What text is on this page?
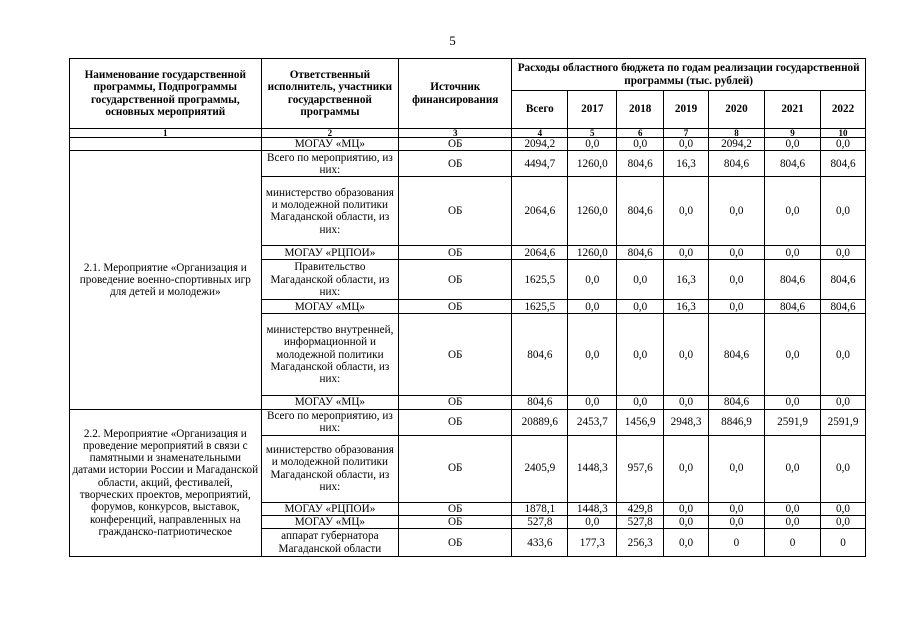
5
Наименование государственной программы, Подпрограммы государственной программы, основных мероприятий	Ответственный исполнитель, участники государственной программы	Источник финансирования	Расходы областного бюджета по годам реализации государственной программы (тыс. рублей)						
			Всего	2017	2018	2019	2020	2021	2022
1	2	3	4	5	6	7	8	9	10
	МОГАУ «МЦ»	ОБ	2094,2	0,0	0,0	0,0	2094,2	0,0	0,0
2.1. Мероприятие «Организация и проведение военно-спортивных игр для детей и молодежи»	Всего по мероприятию, из них:	ОБ	4494,7	1260,0	804,6	16,3	804,6	804,6	804,6
	министерство образования и молодежной политики Магаданской области, из них:	ОБ	2064,6	1260,0	804,6	0,0	0,0	0,0	0,0
	МОГАУ «РЦПОИ»	ОБ	2064,6	1260,0	804,6	0,0	0,0	0,0	0,0
	Правительство Магаданской области, из них:	ОБ	1625,5	0,0	0,0	16,3	0,0	804,6	804,6
	МОГАУ «МЦ»	ОБ	1625,5	0,0	0,0	16,3	0,0	804,6	804,6
	министерство внутренней, информационной и молодежной политики Магаданской области, из них:	ОБ	804,6	0,0	0,0	0,0	804,6	0,0	0,0
	МОГАУ «МЦ»	ОБ	804,6	0,0	0,0	0,0	804,6	0,0	0,0
2.2. Мероприятие «Организация и проведение мероприятий в связи с памятными и знаменательными датами истории России и Магаданской области, акций, фестивалей, творческих проектов, мероприятий, форумов, конкурсов, выставок, конференций, направленных на гражданско-патриотическое	Всего по мероприятию, из них:	ОБ	20889,6	2453,7	1456,9	2948,3	8846,9	2591,9	2591,9
	министерство образования и молодежной политики Магаданской области, из них:	ОБ	2405,9	1448,3	957,6	0,0	0,0	0,0	0,0
	МОГАУ «РЦПОИ»	ОБ	1878,1	1448,3	429,8	0,0	0,0	0,0	0,0
	МОГАУ «МЦ»	ОБ	527,8	0,0	527,8	0,0	0,0	0,0	0,0
	аппарат губернатора Магаданской области	ОБ	433,6	177,3	256,3	0,0	0	0	0
